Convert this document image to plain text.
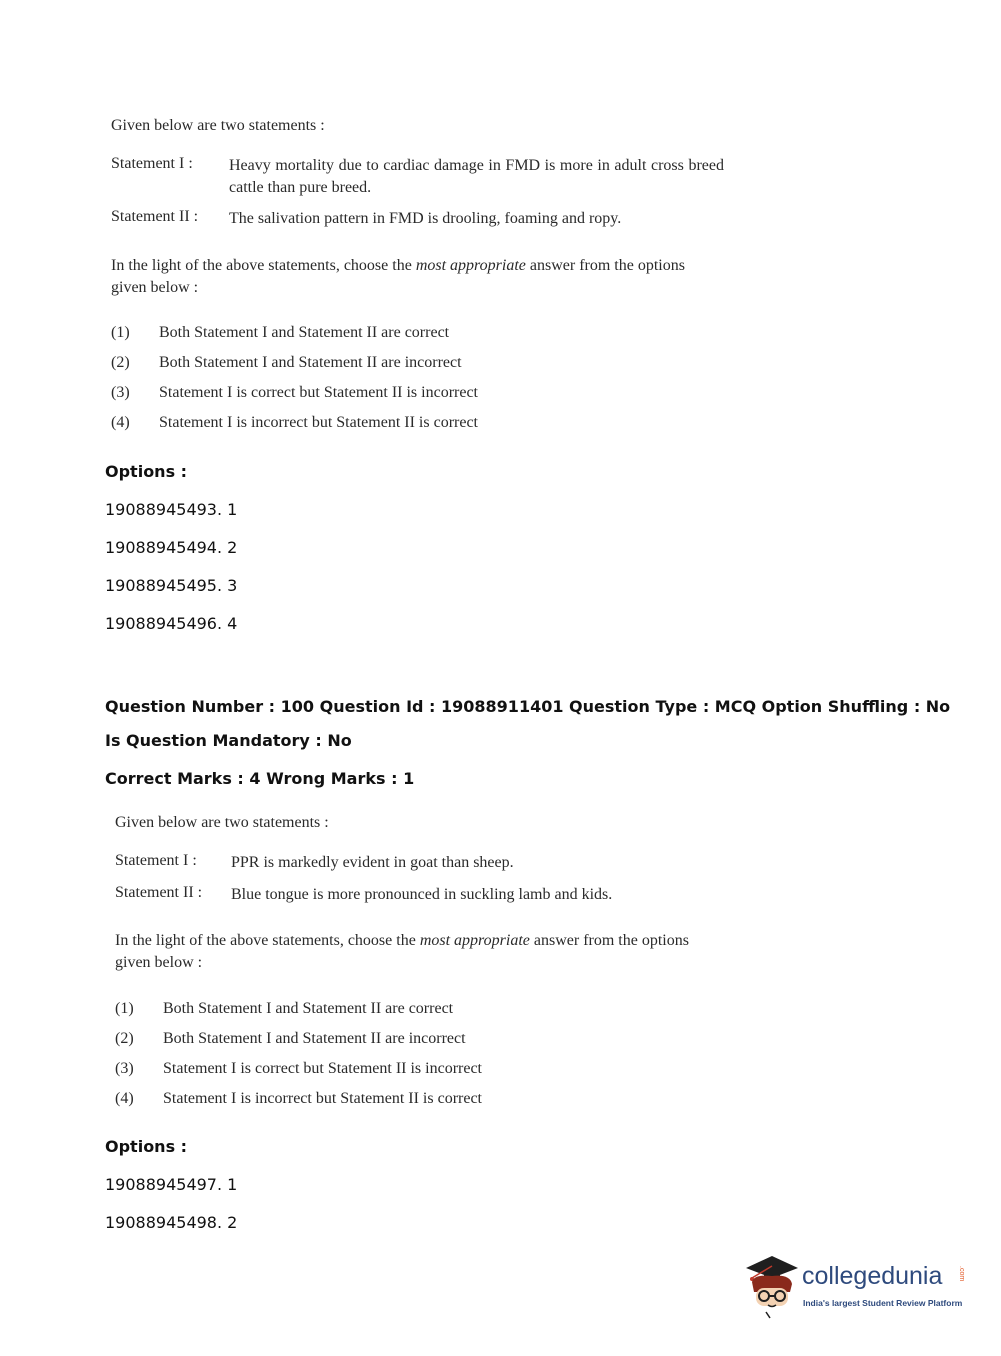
Given below are two statements :
Statement I : Heavy mortality due to cardiac damage in FMD is more in adult cross breed cattle than pure breed.
Statement II : The salivation pattern in FMD is drooling, foaming and ropy.
In the light of the above statements, choose the most appropriate answer from the options given below :
(1) Both Statement I and Statement II are correct
(2) Both Statement I and Statement II are incorrect
(3) Statement I is correct but Statement II is incorrect
(4) Statement I is incorrect but Statement II is correct
Options :
19088945493. 1
19088945494. 2
19088945495. 3
19088945496. 4
Question Number : 100 Question Id : 19088911401 Question Type : MCQ Option Shuffling : No
Is Question Mandatory : No
Correct Marks : 4 Wrong Marks : 1
Given below are two statements :
Statement I : PPR is markedly evident in goat than sheep.
Statement II : Blue tongue is more pronounced in suckling lamb and kids.
In the light of the above statements, choose the most appropriate answer from the options given below :
(1) Both Statement I and Statement II are correct
(2) Both Statement I and Statement II are incorrect
(3) Statement I is correct but Statement II is incorrect
(4) Statement I is incorrect but Statement II is correct
Options :
19088945497. 1
19088945498. 2
collegedunia .com
India's largest Student Review Platform
